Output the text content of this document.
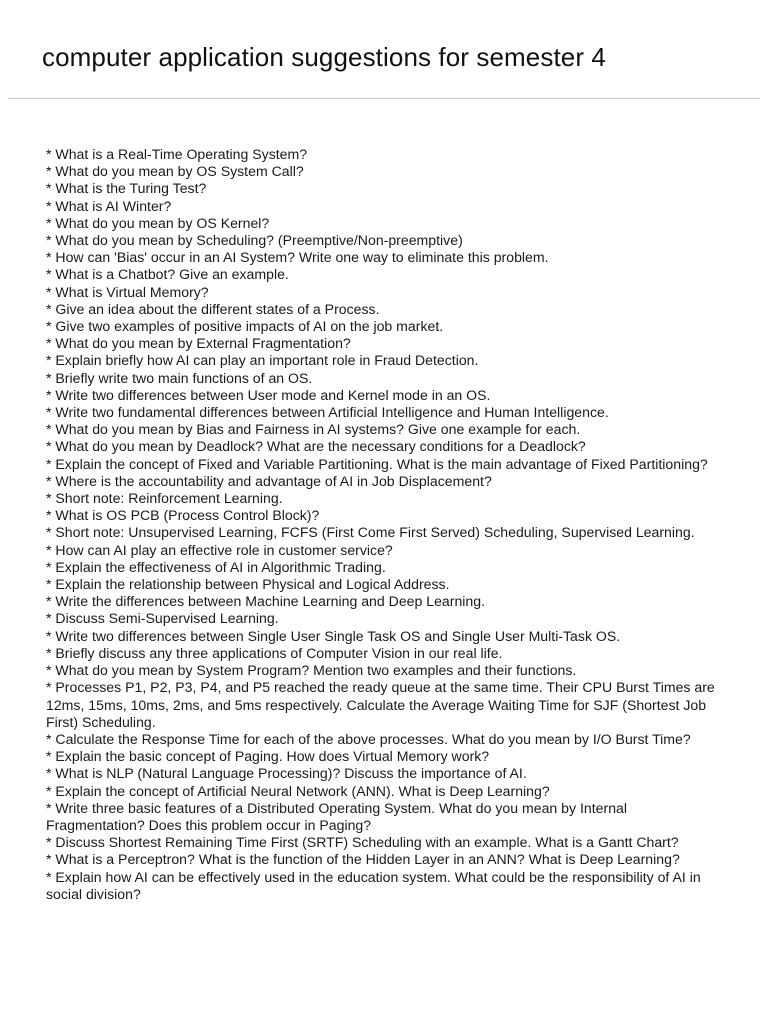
computer application suggestions for semester 4
* What is a Real-Time Operating System?
* What do you mean by OS System Call?
* What is the Turing Test?
* What is AI Winter?
* What do you mean by OS Kernel?
* What do you mean by Scheduling? (Preemptive/Non-preemptive)
* How can 'Bias' occur in an AI System? Write one way to eliminate this problem.
* What is a Chatbot? Give an example.
* What is Virtual Memory?
* Give an idea about the different states of a Process.
* Give two examples of positive impacts of AI on the job market.
* What do you mean by External Fragmentation?
* Explain briefly how AI can play an important role in Fraud Detection.
* Briefly write two main functions of an OS.
* Write two differences between User mode and Kernel mode in an OS.
* Write two fundamental differences between Artificial Intelligence and Human Intelligence.
* What do you mean by Bias and Fairness in AI systems? Give one example for each.
* What do you mean by Deadlock? What are the necessary conditions for a Deadlock?
* Explain the concept of Fixed and Variable Partitioning. What is the main advantage of Fixed Partitioning?
* Where is the accountability and advantage of AI in Job Displacement?
* Short note: Reinforcement Learning.
* What is OS PCB (Process Control Block)?
* Short note: Unsupervised Learning, FCFS (First Come First Served) Scheduling, Supervised Learning.
* How can AI play an effective role in customer service?
* Explain the effectiveness of AI in Algorithmic Trading.
* Explain the relationship between Physical and Logical Address.
* Write the differences between Machine Learning and Deep Learning.
* Discuss Semi-Supervised Learning.
* Write two differences between Single User Single Task OS and Single User Multi-Task OS.
* Briefly discuss any three applications of Computer Vision in our real life.
* What do you mean by System Program? Mention two examples and their functions.
* Processes P1, P2, P3, P4, and P5 reached the ready queue at the same time. Their CPU Burst Times are 12ms, 15ms, 10ms, 2ms, and 5ms respectively. Calculate the Average Waiting Time for SJF (Shortest Job First) Scheduling.
* Calculate the Response Time for each of the above processes. What do you mean by I/O Burst Time?
* Explain the basic concept of Paging. How does Virtual Memory work?
* What is NLP (Natural Language Processing)? Discuss the importance of AI.
* Explain the concept of Artificial Neural Network (ANN). What is Deep Learning?
* Write three basic features of a Distributed Operating System. What do you mean by Internal Fragmentation? Does this problem occur in Paging?
* Discuss Shortest Remaining Time First (SRTF) Scheduling with an example. What is a Gantt Chart?
* What is a Perceptron? What is the function of the Hidden Layer in an ANN? What is Deep Learning?
* Explain how AI can be effectively used in the education system. What could be the responsibility of AI in social division?
